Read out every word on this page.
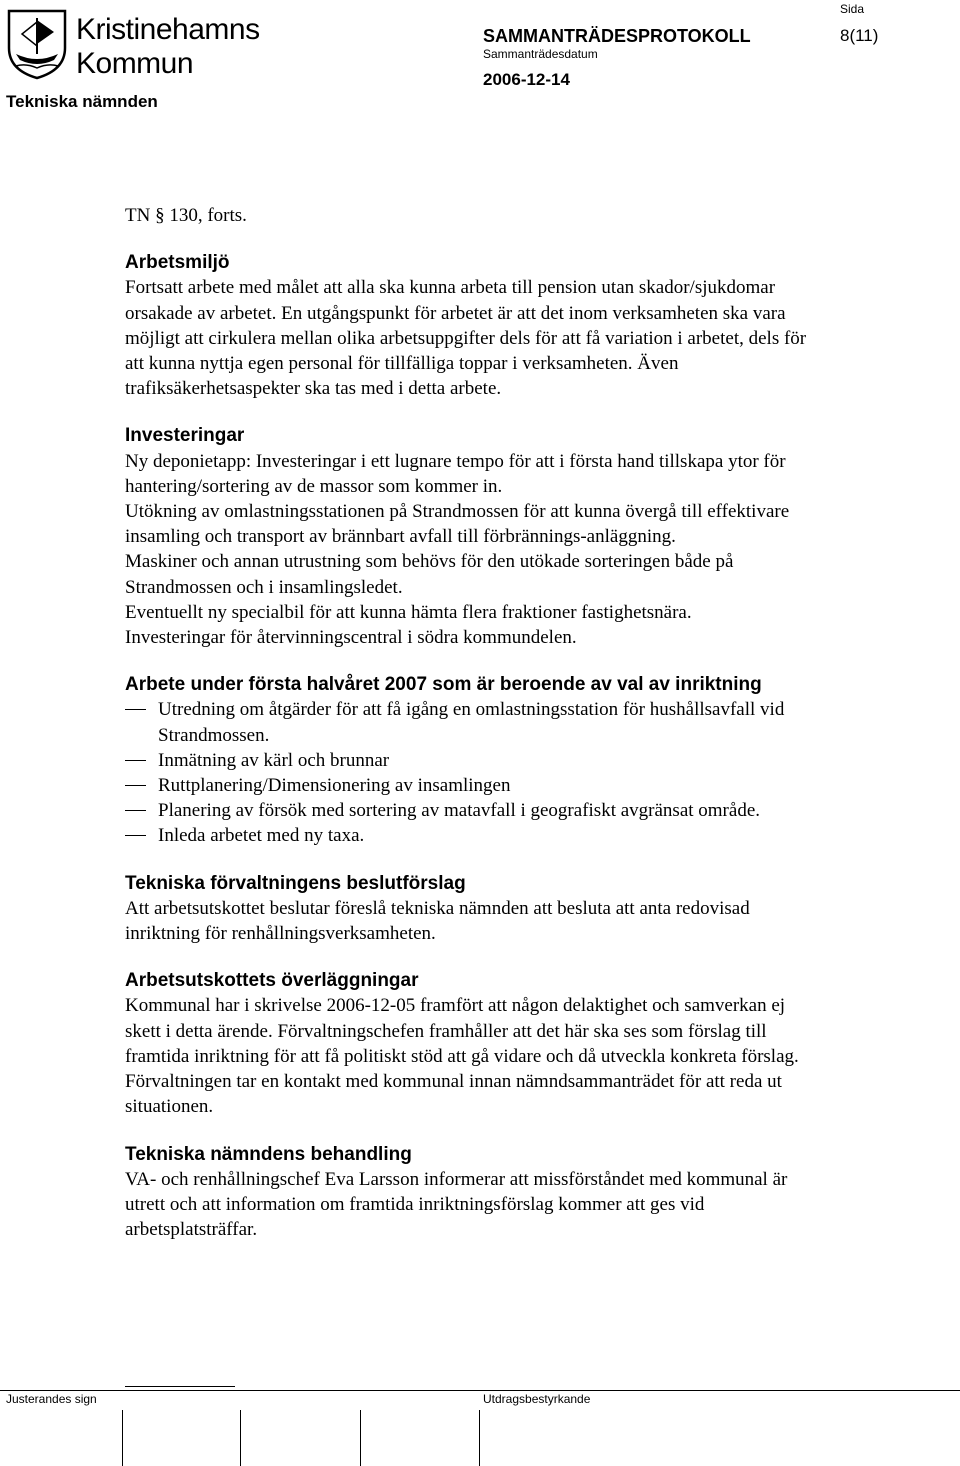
Kristinehamns
Kommun
Tekniska nämnden
SAMMANTRÄDESPROTOKOLL
Sammanträdesdatum
2006-12-14
Sida
8(11)

TN § 130, forts.

Arbetsmiljö

Fortsatt arbete med målet att alla ska kunna arbeta till pension utan skador/sjukdomar orsakade av arbetet. En utgångspunkt för arbetet är att det inom verksamheten ska vara möjligt att cirkulera mellan olika arbetsuppgifter dels för att få variation i arbetet, dels för att kunna nyttja egen personal för tillfälliga toppar i verksamheten. Även trafiksäkerhetsaspekter ska tas med i detta arbete.

Investeringar

Ny deponietapp: Investeringar i ett lugnare tempo för att i första hand tillskapa ytor för hantering/sortering av de massor som kommer in.

Utökning av omlastningsstationen på Strandmossen för att kunna övergå till effektivare insamling och transport av brännbart avfall till förbrännings-anläggning.

Maskiner och annan utrustning som behövs för den utökade sorteringen både på Strandmossen och i insamlingsledet.

Eventuellt ny specialbil för att kunna hämta flera fraktioner fastighetsnära.

Investeringar för återvinningscentral i södra kommundelen.

Arbete under första halvåret 2007 som är beroende av val av inriktning
Utredning om åtgärder för att få igång en omlastningsstation för hushållsavfall vid Strandmossen.
Inmätning av kärl och brunnar
Ruttplanering/Dimensionering av insamlingen
Planering av försök med sortering av matavfall i geografiskt avgränsat område.
Inleda arbetet med ny taxa.
Tekniska förvaltningens beslutförslag

Att arbetsutskottet beslutar föreslå tekniska nämnden att besluta att anta redovisad inriktning för renhållningsverksamheten.

Arbetsutskottets överläggningar

Kommunal har i skrivelse 2006-12-05 framfört att någon delaktighet och samverkan ej skett i detta ärende. Förvaltningschefen framhåller att det här ska ses som förslag till framtida inriktning för att få politiskt stöd att gå vidare och då utveckla konkreta förslag. Förvaltningen tar en kontakt med kommunal innan nämndsammanträdet för att reda ut situationen.

Tekniska nämndens behandling

VA- och renhållningschef Eva Larsson informerar att missförståndet med kommunal är utrett och att information om framtida inriktningsförslag kommer att ges vid arbetsplatsträffar.

Justerandes sign	Utdragsbestyrkande
